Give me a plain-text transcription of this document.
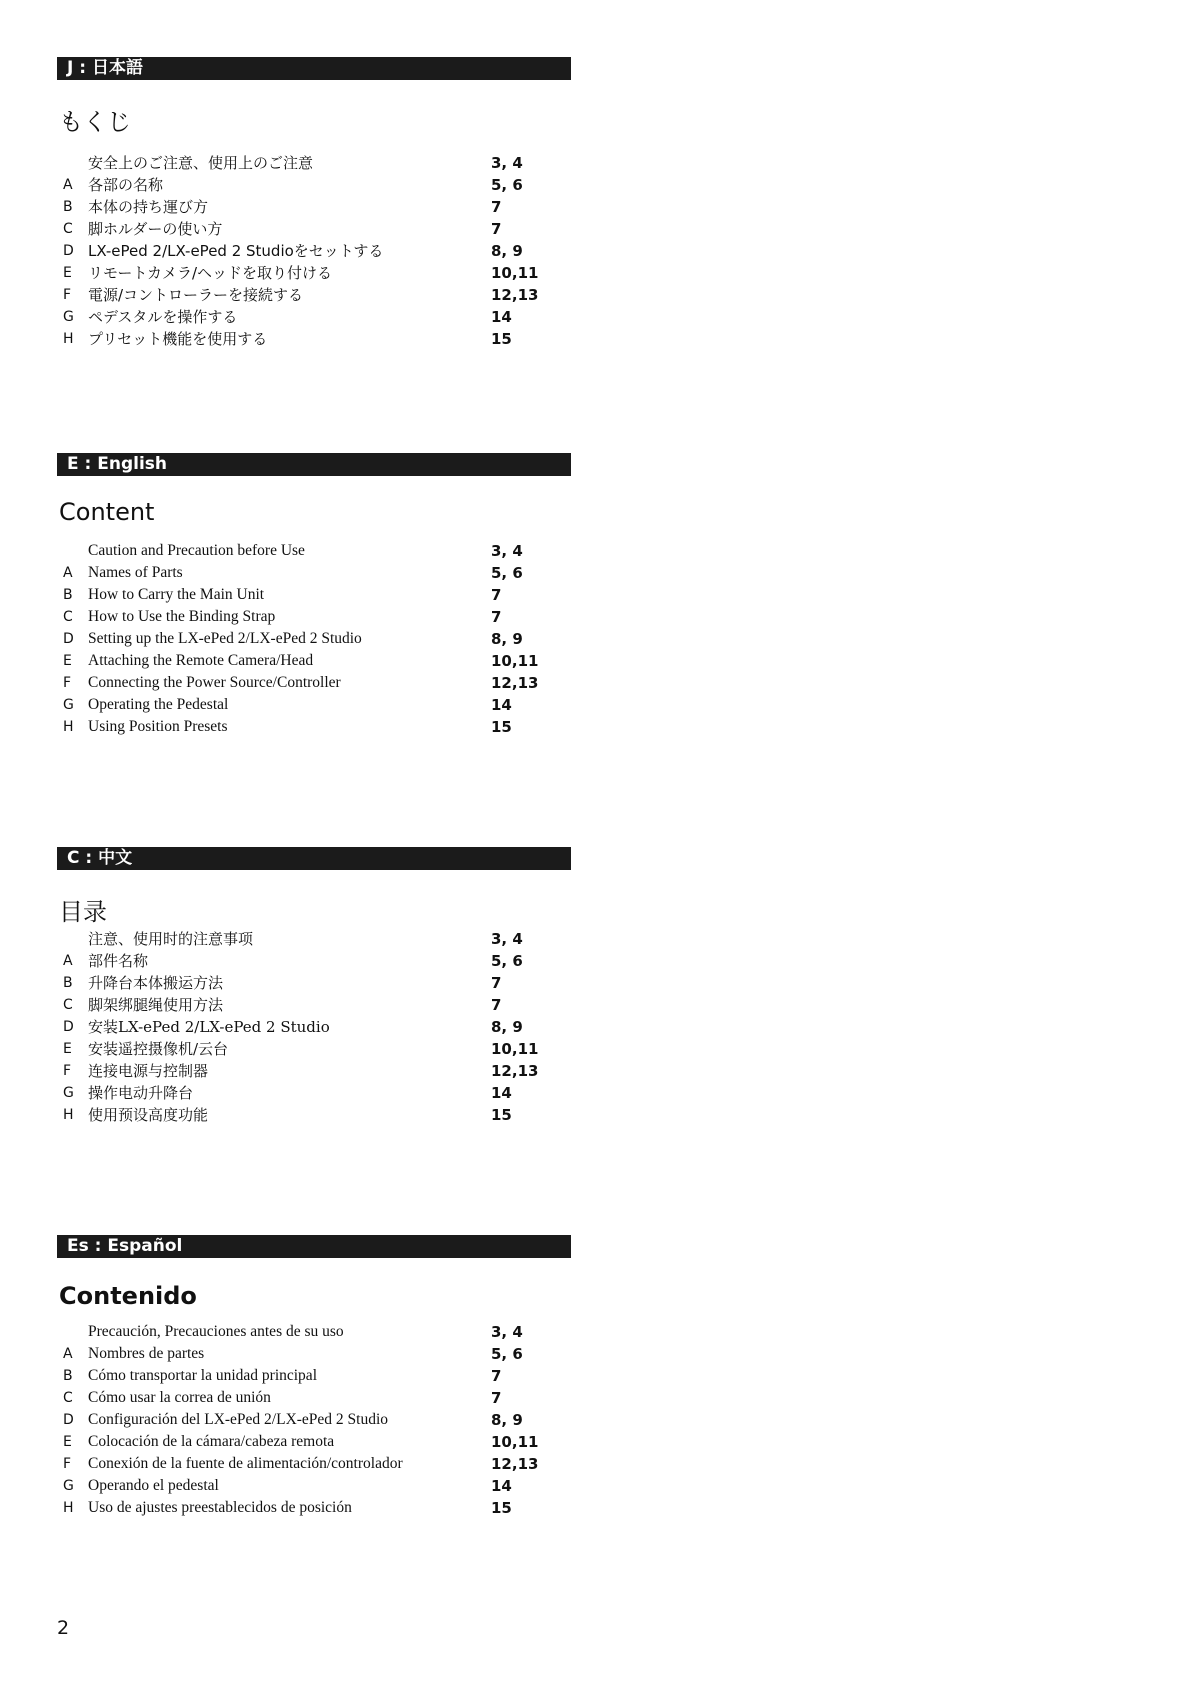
J : 日本語
もくじ
安全上のご注意、使用上のご注意	3, 4
A 各部の名称	5, 6
B 本体の持ち運び方	7
C 脚ホルダーの使い方	7
D LX-ePed 2/LX-ePed 2 Studioをセットする	8, 9
E リモートカメラ/ヘッドを取り付ける	10,11
F 電源/コントローラーを接続する	12,13
G ペデスタルを操作する	14
H プリセット機能を使用する	15
E : English
Content
Caution and Precaution before Use	3, 4
A Names of Parts	5, 6
B How to Carry the Main Unit	7
C How to Use the Binding Strap	7
D Setting up the LX-ePed 2/LX-ePed 2 Studio	8, 9
E Attaching the Remote Camera/Head	10,11
F Connecting the Power Source/Controller	12,13
G Operating the Pedestal	14
H Using Position Presets	15
C : 中文
目录
注意、使用时的注意事项	3, 4
A 部件名称	5, 6
B 升降台本体搬运方法	7
C 脚架绑腿绳使用方法	7
D 安装LX-ePed 2/LX-ePed 2 Studio	8, 9
E 安装遥控摄像机/云台	10,11
F 连接电源与控制器	12,13
G 操作电动升降台	14
H 使用预设高度功能	15
Es : Español
Contenido
Precaución, Precauciones antes de su uso	3, 4
A Nombres de partes	5, 6
B Cómo transportar la unidad principal	7
C Cómo usar la correa de unión	7
D Configuración del LX-ePed 2/LX-ePed 2 Studio	8, 9
E Colocación de la cámara/cabeza remota	10,11
F Conexión de la fuente de alimentación/controlador	12,13
G Operando el pedestal	14
H Uso de ajustes preestablecidos de posición	15
2
